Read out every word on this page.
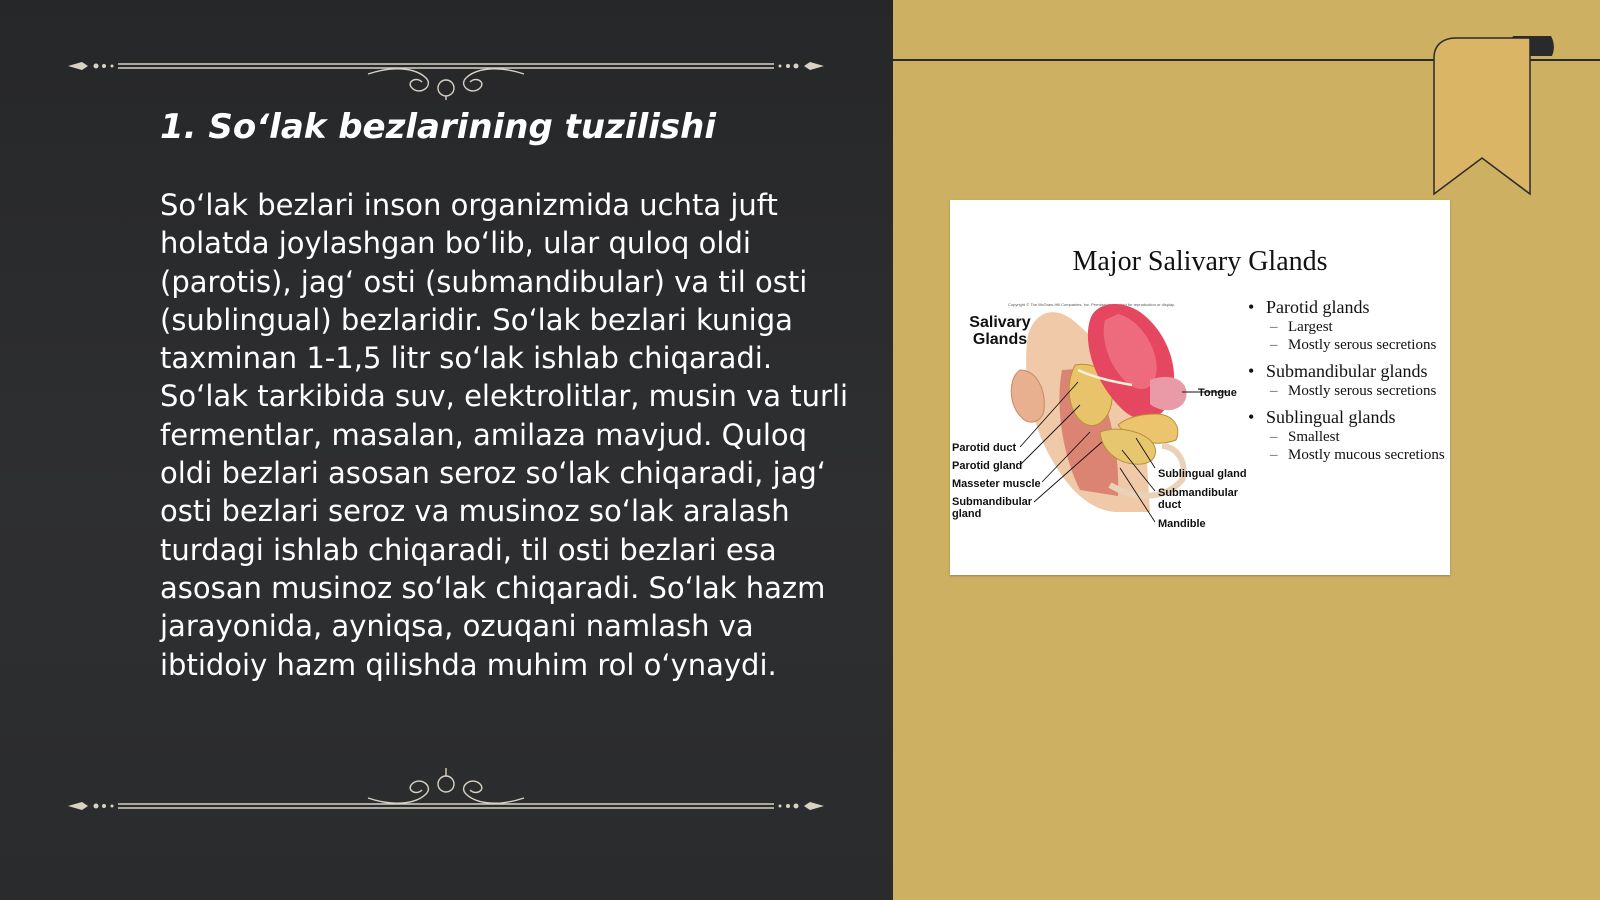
1. So‘lak bezlarining tuzilishi

So‘lak bezlari inson organizmida uchta juft holatda joylashgan bo‘lib, ular quloq oldi (parotis), jag‘ osti (submandibular) va til osti (sublingual) bezlaridir. So‘lak bezlari kuniga taxminan 1-1,5 litr so‘lak ishlab chiqaradi. So‘lak tarkibida suv, elektrolitlar, musin va turli fermentlar, masalan, amilaza mavjud. Quloq oldi bezlari asosan seroz so‘lak chiqaradi, jag‘ osti bezlari seroz va musinoz so‘lak aralash turdagi ishlab chiqaradi, til osti bezlari esa asosan musinoz so‘lak chiqaradi. So‘lak hazm jarayonida, ayniqsa, ozuqani namlash va ibtidoiy hazm qilishda muhim rol o‘ynaydi.

Major Salivary Glands
Copyright © The McGraw-Hill Companies, Inc. Permission required for reproduction or display.
Salivary Glands
Parotid duct
Parotid gland
Masseter muscle
Submandibular gland
Tongue
Sublingual gland
Submandibular duct
Mandible
• Parotid glands
– Largest
– Mostly serous secretions
• Submandibular glands
– Mostly serous secretions
• Sublingual glands
– Smallest
– Mostly mucous secretions
